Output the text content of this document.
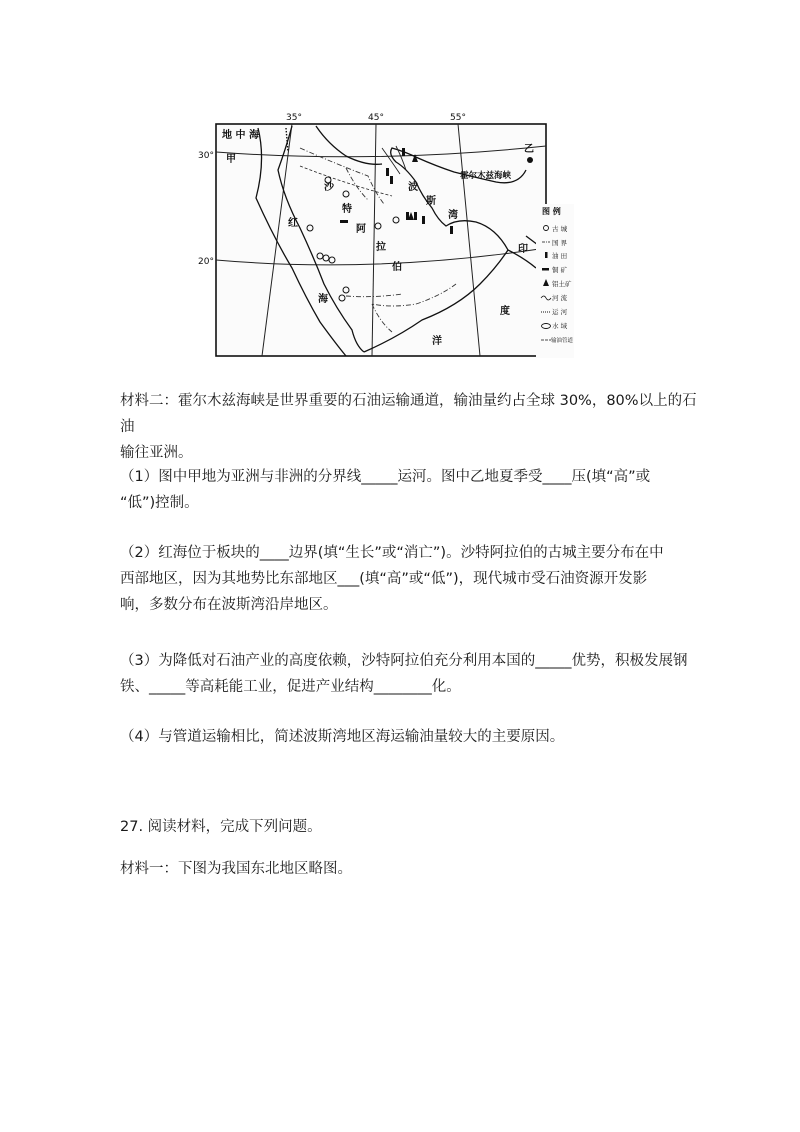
35°	45°	55°
30°
20°
地 中 海
甲
乙
霍尔木兹海峡
沙
特
阿
拉
伯
红
海
波
斯
湾
印
度
洋
图 例
古 城
国 界
油 田
铜 矿
铝土矿
河 流
运 河
水 域
输油管道

材料二：霍尔木兹海峡是世界重要的石油运输通道，输油量约占全球 30%，80%以上的石油
输往亚洲。

（1）图中甲地为亚洲与非洲的分界线_____运河。图中乙地夏季受____压(填“高”或
“低”)控制。

（2）红海位于板块的____边界(填“生长”或“消亡”)。沙特阿拉伯的古城主要分布在中
西部地区，因为其地势比东部地区___(填“高”或“低”)，现代城市受石油资源开发影
响，多数分布在波斯湾沿岸地区。

（3）为降低对石油产业的高度依赖，沙特阿拉伯充分利用本国的_____优势，积极发展钢
铁、_____等高耗能工业，促进产业结构________化。

（4）与管道运输相比，简述波斯湾地区海运输油量较大的主要原因。

27. 阅读材料，完成下列问题。

材料一：下图为我国东北地区略图。
